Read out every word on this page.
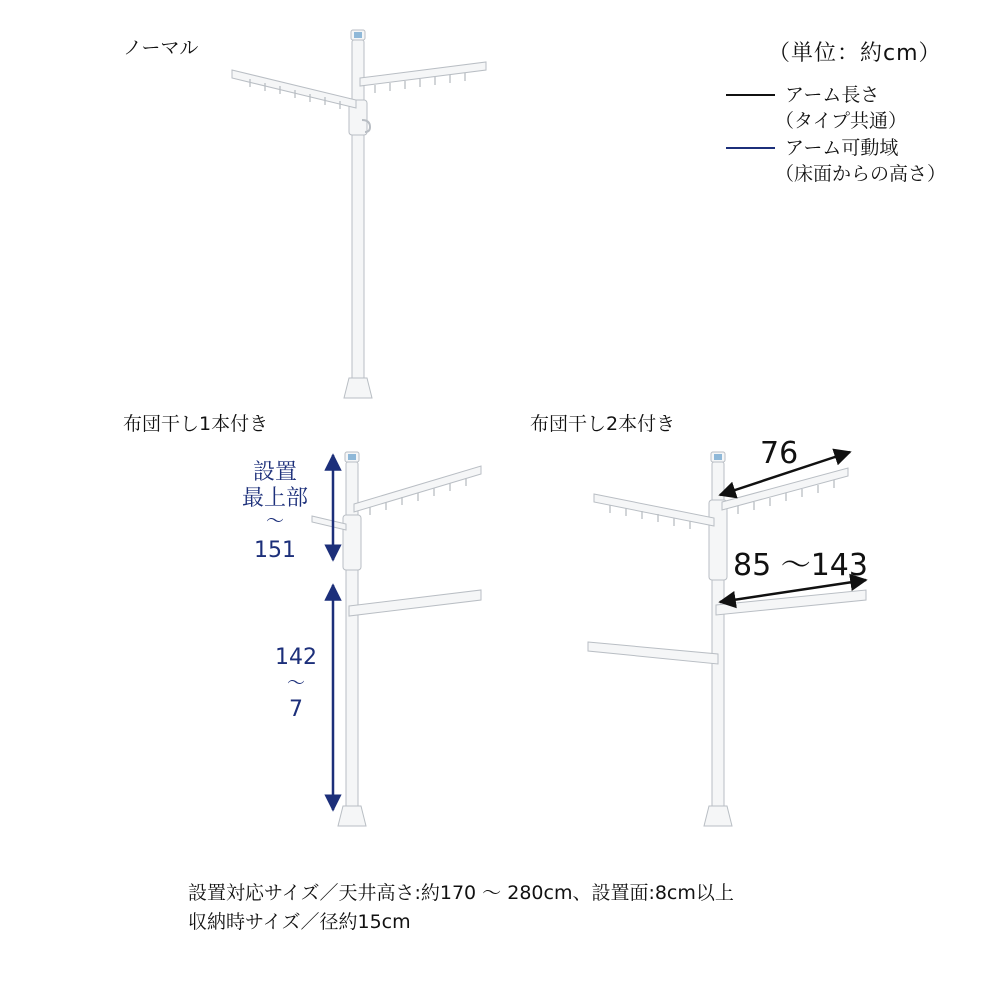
ノーマル
布団干し1本付き	布団干し2本付き
（単位：約cm）
アーム長さ
（タイプ共通）
アーム可動域
（床面からの高さ）
設置
最上部
～
151
142
～
7
76
85 ～143
設置対応サイズ／天井高さ:約170 ～ 280cm、設置面:8cm以上
収納時サイズ／径約15cm
